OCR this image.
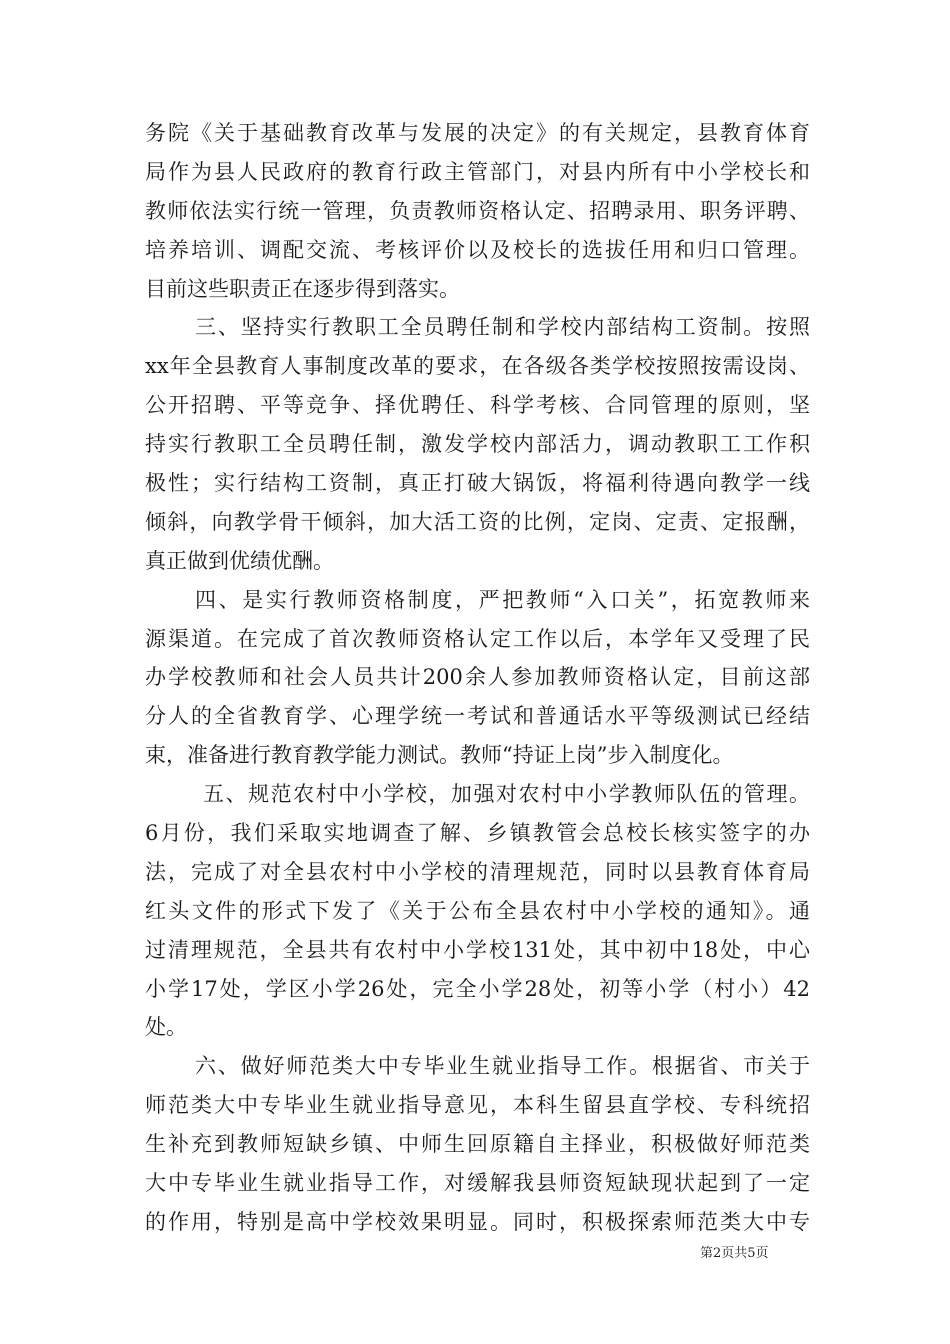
务院《关于基础教育改革与发展的决定》的有关规定，县教育体育
局作为县人民政府的教育行政主管部门，对县内所有中小学校长和
教师依法实行统一管理，负责教师资格认定、招聘录用、职务评聘、
培养培训、调配交流、考核评价以及校长的选拔任用和归口管理。
目前这些职责正在逐步得到落实。
三、坚持实行教职工全员聘任制和学校内部结构工资制。按照
xx年全县教育人事制度改革的要求，在各级各类学校按照按需设岗、
公开招聘、平等竞争、择优聘任、科学考核、合同管理的原则，坚
持实行教职工全员聘任制，激发学校内部活力，调动教职工工作积
极性；实行结构工资制，真正打破大锅饭，将福利待遇向教学一线
倾斜，向教学骨干倾斜，加大活工资的比例，定岗、定责、定报酬，
真正做到优绩优酬。
四、是实行教师资格制度，严把教师“入口关”，拓宽教师来
源渠道。在完成了首次教师资格认定工作以后，本学年又受理了民
办学校教师和社会人员共计200余人参加教师资格认定，目前这部
分人的全省教育学、心理学统一考试和普通话水平等级测试已经结
束，准备进行教育教学能力测试。教师“持证上岗”步入制度化。
五、规范农村中小学校，加强对农村中小学教师队伍的管理。
6月份，我们采取实地调查了解、乡镇教管会总校长核实签字的办
法，完成了对全县农村中小学校的清理规范，同时以县教育体育局
红头文件的形式下发了《关于公布全县农村中小学校的通知》。通
过清理规范，全县共有农村中小学校131处，其中初中18处，中心
小学17处，学区小学26处，完全小学28处，初等小学（村小）42
处。
六、做好师范类大中专毕业生就业指导工作。根据省、市关于
师范类大中专毕业生就业指导意见，本科生留县直学校、专科统招
生补充到教师短缺乡镇、中师生回原籍自主择业，积极做好师范类
大中专毕业生就业指导工作，对缓解我县师资短缺现状起到了一定
的作用，特别是高中学校效果明显。同时，积极探索师范类大中专
第2页共5页
